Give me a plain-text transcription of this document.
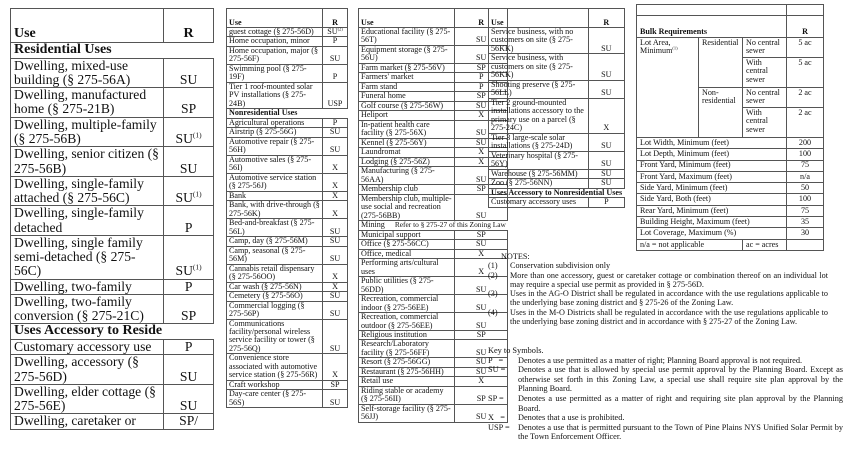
Use	R
Residential Uses	
Dwelling, mixed-use building (§ 275-56A)	SU
Dwelling, manufactured home (§ 275-21B)	SP
Dwelling, multiple-family (§ 275-56B)	SU$^{(1)}$
Dwelling, senior citizen (§ 275-56B)	SU
Dwelling, single-family attached (§ 275-56C)	SU$^{(1)}$
Dwelling, single-family detached	P
Dwelling, single family semi-detached (§ 275-56C)	SU$^{(1)}$
Dwelling, two-family	P
Dwelling, two-family conversion (§ 275-21C)	SP
Uses Accessory to Reside	
Customary accessory use	P
Dwelling, accessory (§ 275-56D)	SU
Dwelling, elder cottage (§ 275-56E)	SU
Dwelling, caretaker or	SP/
Use	R
guest cottage (§ 275-56D)	SU$^{(2)}$
Home occupation, minor	P
Home occupation, major (§ 275-56F)	SU
Swimming pool (§ 275-19F)	P
Tier 1 roof-mounted solar PV installations (§ 275-24B)	USP
Nonresidential Uses	
Agricultural operations	P
Airstrip (§ 275-56G)	SU
Automotive repair (§ 275-56H)	SU
Automotive sales (§ 275-56I)	X
Automotive service station (§ 275-56J)	X
Bank	X
Bank, with drive-through (§ 275-56K)	X
Bed-and-breakfast (§ 275-56L)	SU
Camp, day (§ 275-56M)	SU
Camp, seasonal (§ 275-56M)	SU
Cannabis retail dispensary (§ 275-56OO)	X
Car wash (§ 275-56N)	X
Cemetery (§ 275-56O)	SU
Commercial logging (§ 275-56P)	SU
Communications facility/personal wireless service facility or tower (§ 275-56Q)	SU
Convenience store associated with automotive service station (§ 275-56R)	X
Craft workshop	SP
Day-care center (§ 275-56S)	SU
Use	R
Educational facility (§ 275-56T)	SU
Equipment storage (§ 275-56U)	SU
Farm market (§ 275-56V)	SP
Farmers' market	P
Farm stand	P
Funeral home	SP
Golf course (§ 275-56W)	SU
Heliport	X
In-patient health care facility (§ 275-56X)	SU
Kennel (§ 275-56Y)	SU
Laundromat	X
Lodging (§ 275-56Z)	X
Manufacturing (§ 275-56AA)	SU
Membership club	SP
Membership club, multiple-use social and recreation (275-56BB)	SU
Mining Refer to § 275-27 of this Zoning Law	
Municipal support	SP
Office (§ 275-56CC)	SU
Office, medical	X
Performing arts/cultural uses	X
Public utilities (§ 275-56DD)	SU
Recreation, commercial indoor (§ 275-56EE)	SU
Recreation, commercial outdoor (§ 275-56EE)	SU
Religious institution	SP
Research/Laboratory facility (§ 275-56FF)	SU
Resort (§ 275-56GG)	SU
Restaurant (§ 275-56HH)	SU
Retail use	X
Riding stable or academy (§ 275-56II)	SP
Self-storage facility (§ 275-56JJ)	SU
Use	R
Service business, with no customers on site (§ 275-56KK)	SU
Service business, with customers on site (§ 275-56KK)	SU
Shooting preserve (§ 275-56LL)	SU
Tier 2 ground-mounted installations accessory to the primary use on a parcel (§ 275-24C)	X
Tier 3 large-scale solar installations (§ 275-24D)	SU
Veterinary hospital (§ 275-56Y)	SU
Warehouse (§ 275-56MM)	SU
Zoo (§ 275-56NN)	SU
Uses Accessory to Nonresidential Uses	
Customary accessory uses	P

Bulk Requirements			R
Lot Area, Minimum$^{(1)}$	Residential	No central sewer	5 ac
		With central sewer	5 ac
	Non-residential	No central sewer	2 ac
		With central sewer	2 ac
Lot Width, Minimum (feet)			200
Lot Depth, Minimum (feet)			100
Front Yard, Minimum (feet)			75
Front Yard, Maximum (feet)			n/a
Side Yard, Minimum (feet)			50
Side Yard, Both (feet)			100
Rear Yard, Minimum (feet)			75
Building Height, Maximum (feet)			35
Lot Coverage, Maximum (%)			30
n/a = not applicable		ac = acres	
NOTES:
(1)	Conservation subdivision only
(2)	More than one accessory, guest or caretaker cottage or combination thereof on an individual lot may require a special use permit as provided in § 275-56D.
(3)	Uses in the AG-O District shall be regulated in accordance with the use regulations applicable to the underlying base zoning district and § 275-26 of the Zoning Law.
(4)	Uses in the M-O Districts shall be regulated in accordance with the use regulations applicable to the underlying base zoning district and in accordance with § 275-27 of the Zoning Law.
Key to Symbols.
P   =	Denotes a use permitted as a matter of right; Planning Board approval is not required.
SU =	Denotes a use that is allowed by special use permit approval by the Planning Board. Except as otherwise set forth in this Zoning Law, a special use shall require site plan approval by the Planning Board.
SP =	Denotes a use permitted as a matter of right and requiring site plan approval by the Planning Board.
X   =	Denotes that a use is prohibited.
USP =	Denotes a use that is permitted pursuant to the Town of Pine Plains NYS Unified Solar Permit by the Town Enforcement Officer.
